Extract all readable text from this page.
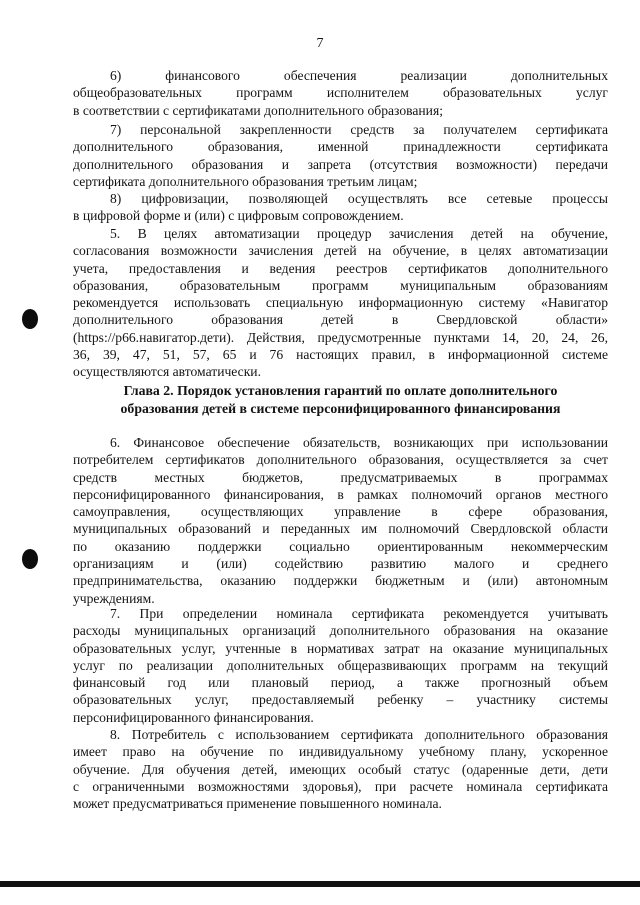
7
6)   финансового   обеспечения   реализации   дополнительных
общеобразовательных программ исполнителем образовательных услуг
в соответствии с сертификатами дополнительного образования;
7) персональной закрепленности средств за получателем сертификата
дополнительного образования, именной принадлежности сертификата
дополнительного образования и запрета (отсутствия возможности) передачи
сертификата дополнительного образования третьим лицам;
8) цифровизации, позволяющей осуществлять все сетевые процессы
в цифровой форме и (или) с цифровым сопровождением.
5. В целях автоматизации процедур зачисления детей на обучение,
согласования возможности зачисления детей на обучение, в целях автоматизации
учета, предоставления и ведения реестров сертификатов дополнительного
образования, образовательным программ муниципальным образованиям
рекомендуется использовать специальную информационную систему «Навигатор
дополнительного образования детей в Свердловской области»
(https://p66.навигатор.дети). Действия, предусмотренные пунктами 14, 20, 24, 26,
36, 39, 47, 51, 57, 65 и 76 настоящих правил, в информационной системе
осуществляются автоматически.
Глава 2. Порядок установления гарантий по оплате дополнительного
образования детей в системе персонифицированного финансирования
6. Финансовое обеспечение обязательств, возникающих при использовании
потребителем сертификатов дополнительного образования, осуществляется за счет
средств местных бюджетов, предусматриваемых в программах
персонифицированного финансирования, в рамках полномочий органов местного
самоуправления, осуществляющих управление в сфере образования,
муниципальных образований и переданных им полномочий Свердловской области
по оказанию поддержки социально ориентированным некоммерческим
организациям и (или) содействию развитию малого и среднего
предпринимательства, оказанию поддержки бюджетным и (или) автономным
учреждениям.
7. При определении номинала сертификата рекомендуется учитывать
расходы муниципальных организаций дополнительного образования на оказание
образовательных услуг, учтенные в нормативах затрат на оказание муниципальных
услуг по реализации дополнительных общеразвивающих программ на текущий
финансовый год или плановый период, а также прогнозный объем
образовательных услуг, предоставляемый ребенку – участнику системы
персонифицированного финансирования.
8. Потребитель с использованием сертификата дополнительного образования
имеет право на обучение по индивидуальному учебному плану, ускоренное
обучение. Для обучения детей, имеющих особый статус (одаренные дети, дети
с ограниченными возможностями здоровья), при расчете номинала сертификата
может предусматриваться применение повышенного номинала.
